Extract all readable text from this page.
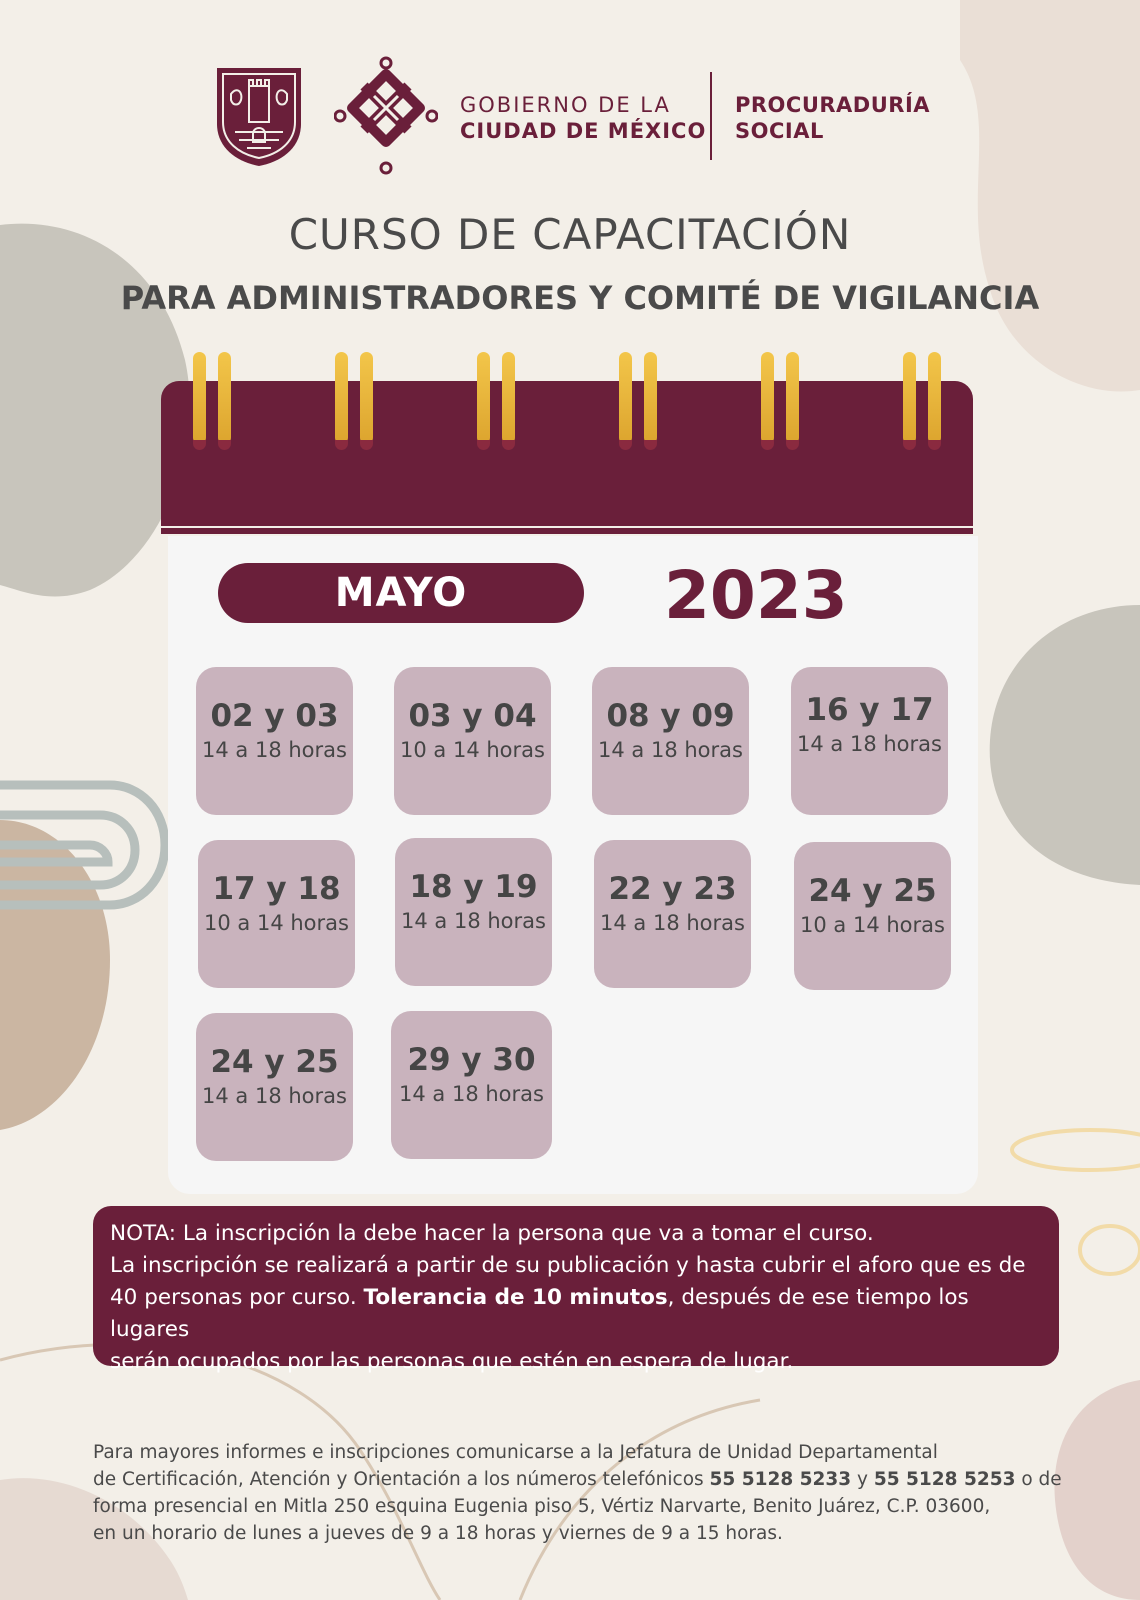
GOBIERNO DE LA
CIUDAD DE MÉXICO
PROCURADURÍA
SOCIAL
CURSO DE CAPACITACIÓN
PARA ADMINISTRADORES Y COMITÉ DE VIGILANCIA
MAYO	2023
02 y 03
14 a 18 horas
03 y 04
10 a 14 horas
08 y 09
14 a 18 horas
16 y 17
14 a 18 horas
17 y 18
10 a 14 horas
18 y 19
14 a 18 horas
22 y 23
14 a 18 horas
24 y 25
10 a 14 horas
24 y 25
14 a 18 horas
29 y 30
14 a 18 horas
NOTA: La inscripción la debe hacer la persona que va a tomar el curso.
La inscripción se realizará a partir de su publicación y hasta cubrir el aforo que es de
40 personas por curso. Tolerancia de 10 minutos, después de ese tiempo los lugares
serán ocupados por las personas que estén en espera de lugar.
Para mayores informes e inscripciones comunicarse a la Jefatura de Unidad Departamental
de Certificación, Atención y Orientación a los números telefónicos 55 5128 5233 y 55 5128 5253 o de
forma presencial en Mitla 250 esquina Eugenia piso 5, Vértiz Narvarte, Benito Juárez, C.P. 03600,
en un horario de lunes a jueves de 9 a 18 horas y viernes de 9 a 15 horas.
